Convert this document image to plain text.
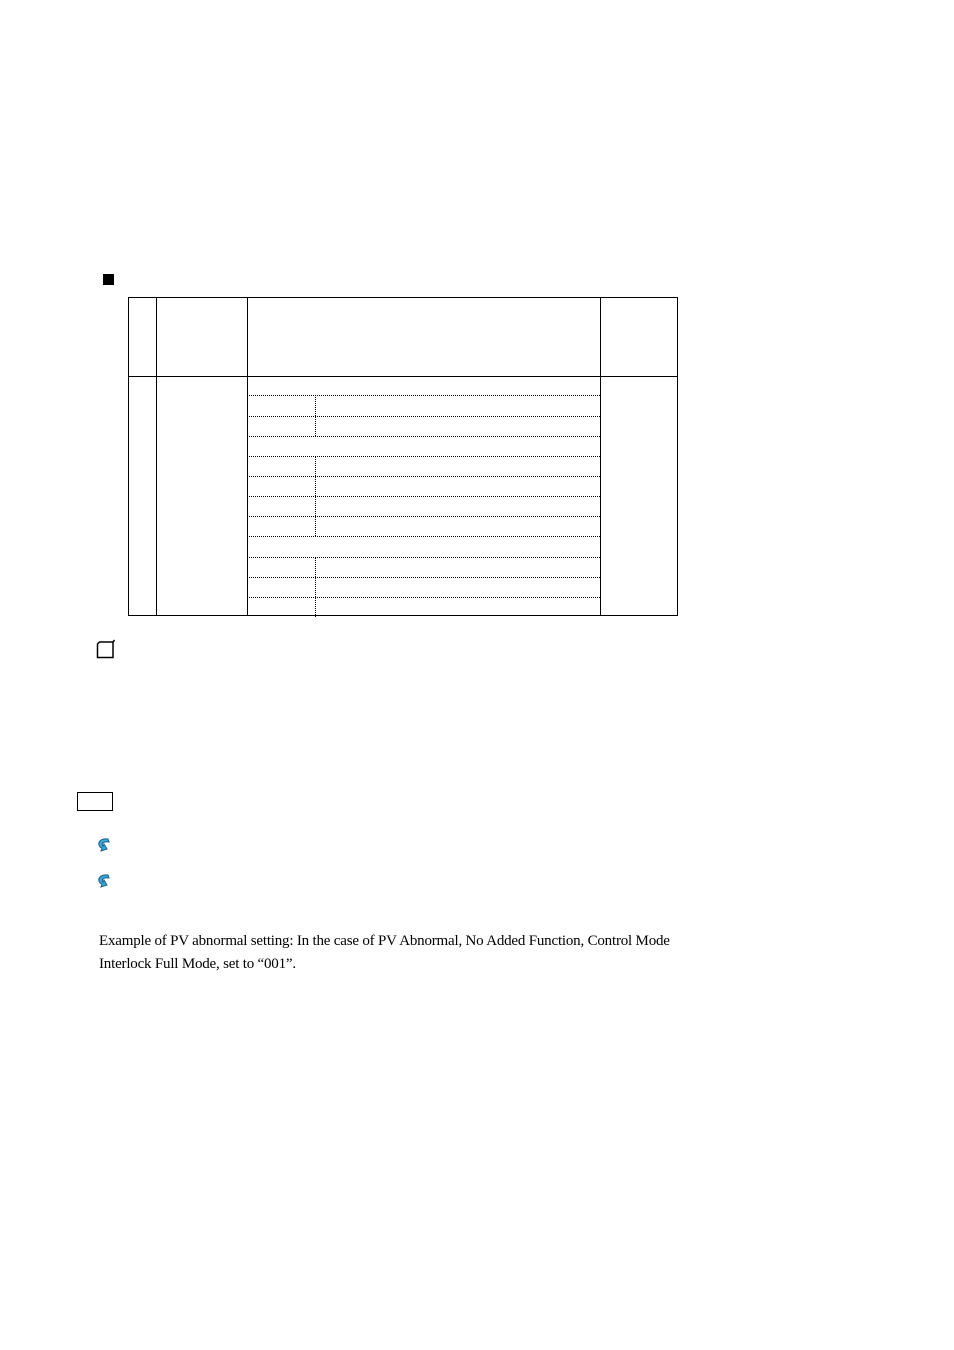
Example of PV abnormal setting: In the case of PV Abnormal, No Added Function, Control Mode
Interlock Full Mode, set to “001”.
